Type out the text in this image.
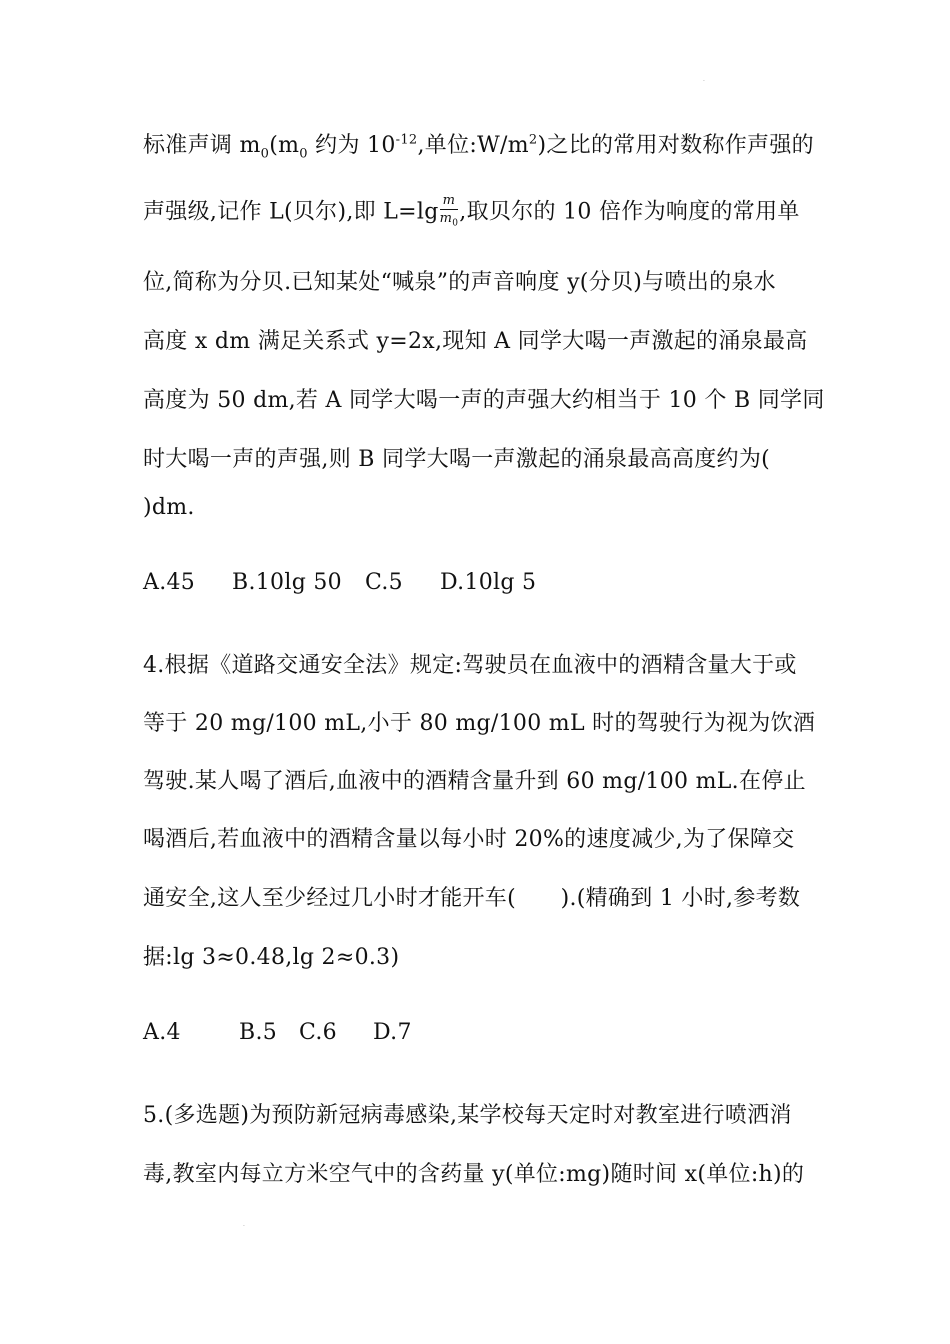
·
标准声调 $m_0(m_0$ 约为 $10^{-12}$,单位$:W/m^2$)之比的常用对数称作声强的
声强级,记作 L(贝尔),即 $L=\lg \frac{m}{m_0}$ ,取贝尔的 10 倍作为响度的常用单
位,简称为分贝.已知某处“喊泉”的声音响度 y(分贝)与喷出的泉水
高度 x dm 满足关系式 y=2x,现知 A 同学大喝一声激起的涌泉最高
高度为 50 dm,若 A 同学大喝一声的声强大约相当于 10 个 B 同学同
时大喝一声的声强,则 B 同学大喝一声激起的涌泉最高高度约为(
)dm.
A.45 B.10lg 50 C.5 D.10lg 5
4.根据《道路交通安全法》规定:驾驶员在血液中的酒精含量大于或
等于 20 mg/100 mL,小于 80 mg/100 mL 时的驾驶行为视为饮酒
驾驶.某人喝了酒后,血液中的酒精含量升到 60 mg/100 mL.在停止
喝酒后,若血液中的酒精含量以每小时 20%的速度减少,为了保障交
通安全,这人至少经过几小时才能开车(　　).(精确到 1 小时,参考数
据:lg 3≈0.48,lg 2≈0.3)
A.4	B.5 C.6 D.7
5.(多选题)为预防新冠病毒感染,某学校每天定时对教室进行喷洒消
毒,教室内每立方米空气中的含药量 y(单位:mg)随时间 x(单位:h)的
·
